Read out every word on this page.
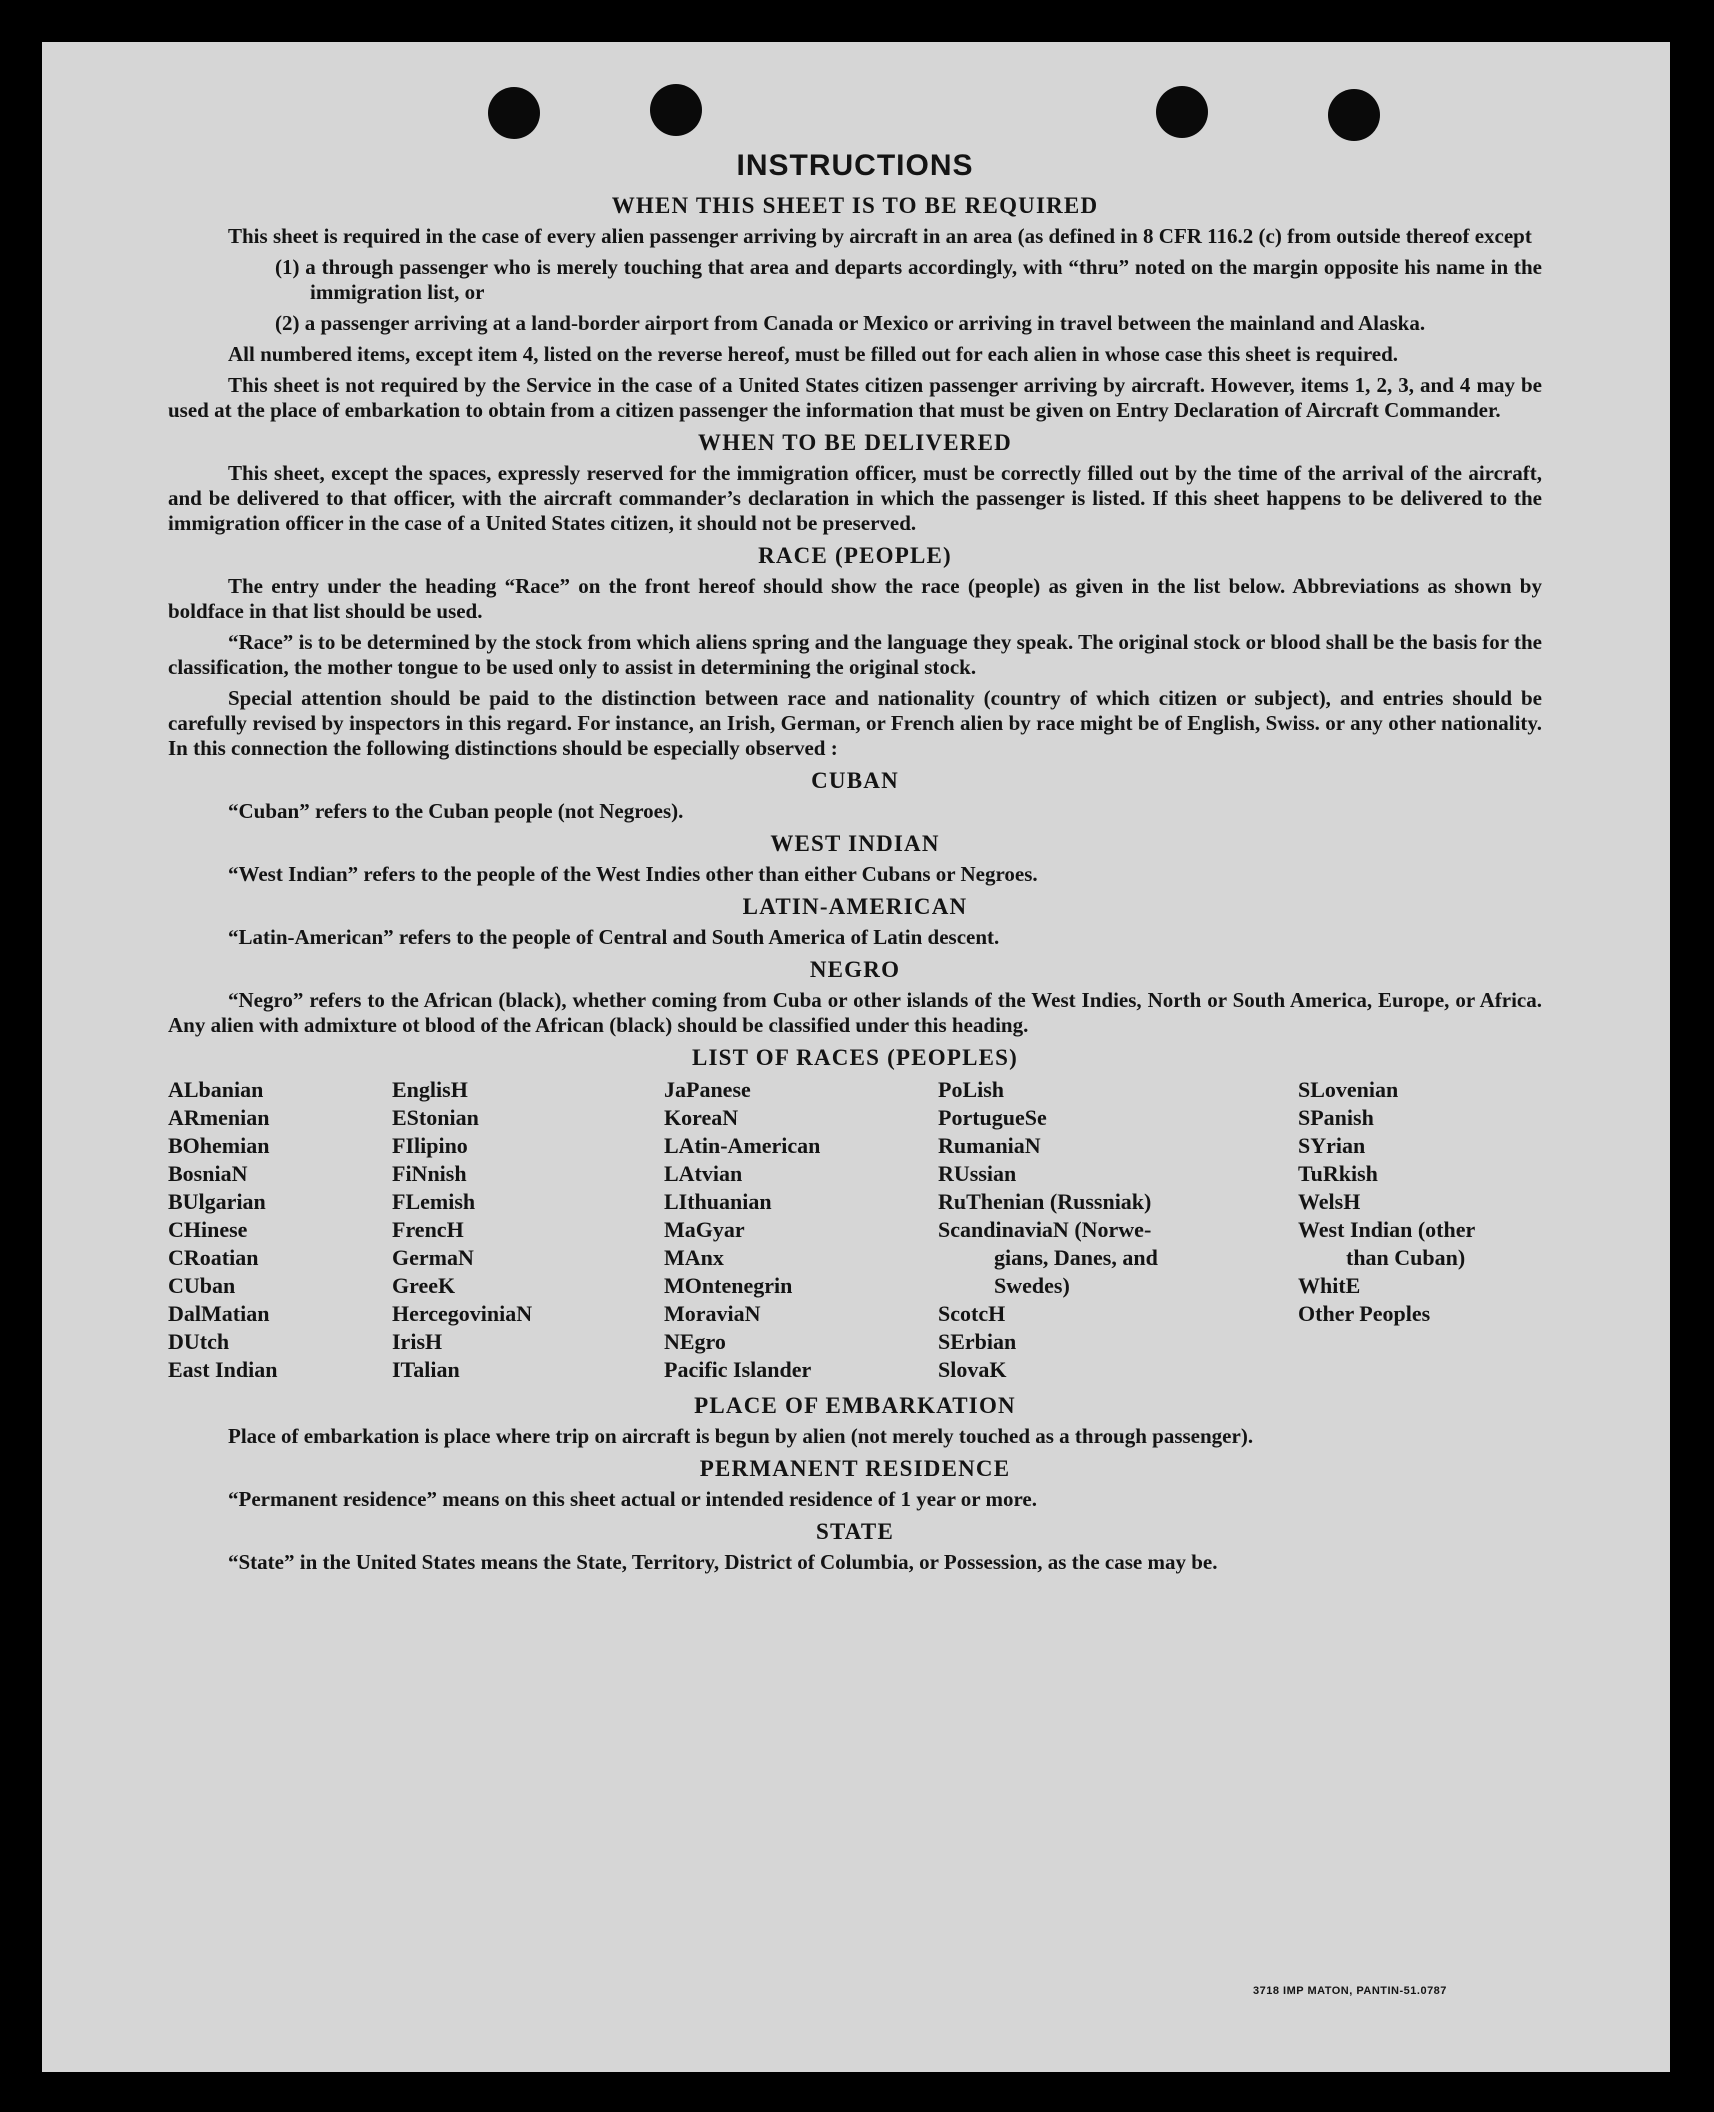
INSTRUCTIONS
WHEN THIS SHEET IS TO BE REQUIRED

This sheet is required in the case of every alien passenger arriving by aircraft in an area (as defined in 8 CFR 116.2 (c) from outside thereof except

(1) a through passenger who is merely touching that area and departs accordingly, with “thru” noted on the margin opposite his name in the immigration list, or

(2) a passenger arriving at a land-border airport from Canada or Mexico or arriving in travel between the mainland and Alaska.

All numbered items, except item 4, listed on the reverse hereof, must be filled out for each alien in whose case this sheet is required.

This sheet is not required by the Service in the case of a United States citizen passenger arriving by aircraft. However, items 1, 2, 3, and 4 may be used at the place of embarkation to obtain from a citizen passenger the information that must be given on Entry Declaration of Aircraft Commander.

WHEN TO BE DELIVERED

This sheet, except the spaces, expressly reserved for the immigration officer, must be correctly filled out by the time of the arrival of the aircraft, and be delivered to that officer, with the aircraft commander’s declaration in which the passenger is listed. If this sheet happens to be delivered to the immigration officer in the case of a United States citizen, it should not be preserved.

RACE (PEOPLE)

The entry under the heading “Race” on the front hereof should show the race (people) as given in the list below. Abbreviations as shown by boldface in that list should be used.

“Race” is to be determined by the stock from which aliens spring and the language they speak. The original stock or blood shall be the basis for the classification, the mother tongue to be used only to assist in determining the original stock.

Special attention should be paid to the distinction between race and nationality (country of which citizen or subject), and entries should be carefully revised by inspectors in this regard. For instance, an Irish, German, or French alien by race might be of English, Swiss. or any other nationality. In this connection the following distinctions should be especially observed :

CUBAN

“Cuban” refers to the Cuban people (not Negroes).

WEST INDIAN

“West Indian” refers to the people of the West Indies other than either Cubans or Negroes.

LATIN-AMERICAN

“Latin-American” refers to the people of Central and South America of Latin descent.

NEGRO

“Negro” refers to the African (black), whether coming from Cuba or other islands of the West Indies, North or South America, Europe, or Africa. Any alien with admixture ot blood of the African (black) should be classified under this heading.

LIST OF RACES (PEOPLES)
ALbanian
ARmenian
BOhemian
BosniaN
BUlgarian
CHinese
CRoatian
CUban
DalMatian
DUtch
East Indian
EnglisH
EStonian
FIlipino
FiNnish
FLemish
FrencH
GermaN
GreeK
HercegoviniaN
IrisH
ITalian
JaPanese
KoreaN
LAtin-American
LAtvian
LIthuanian
MaGyar
MAnx
MOntenegrin
MoraviaN
NEgro
Pacific Islander
PoLish
PortugueSe
RumaniaN
RUssian
RuThenian (Russniak)
ScandinaviaN (Norwe-
gians, Danes, and
Swedes)
ScotcH
SErbian
SlovaK
SLovenian
SPanish
SYrian
TuRkish
WelsH
West Indian (other
than Cuban)
WhitE
Other Peoples
PLACE OF EMBARKATION

Place of embarkation is place where trip on aircraft is begun by alien (not merely touched as a through passenger).

PERMANENT RESIDENCE

“Permanent residence” means on this sheet actual or intended residence of 1 year or more.

STATE

“State” in the United States means the State, Territory, District of Columbia, or Possession, as the case may be.

3718 IMP MATON, PANTIN-51.0787
